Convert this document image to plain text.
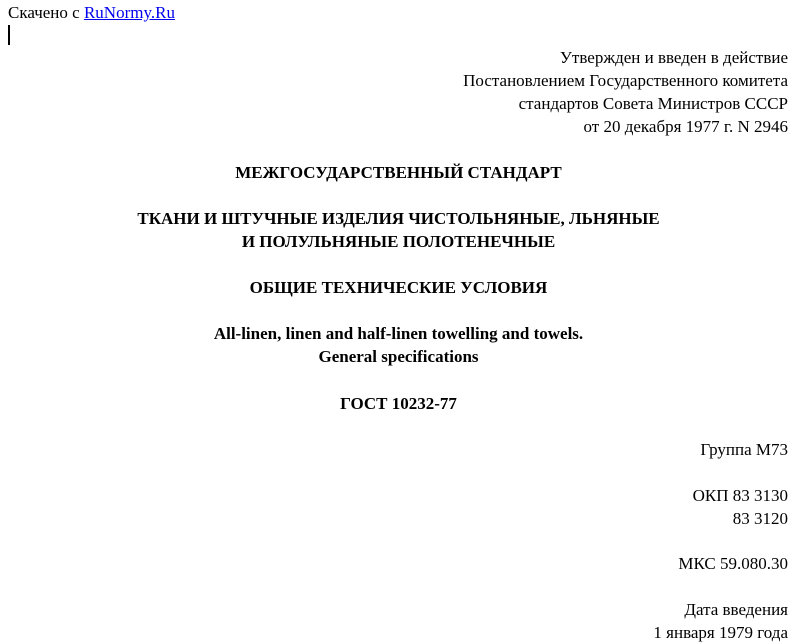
Скачено с RuNormy.Ru
Утвержден и введен в действие
Постановлением Государственного комитета
стандартов Совета Министров СССР
от 20 декабря 1977 г. N 2946
МЕЖГОСУДАРСТВЕННЫЙ СТАНДАРТ
ТКАНИ И ШТУЧНЫЕ ИЗДЕЛИЯ ЧИСТОЛЬНЯНЫЕ, ЛЬНЯНЫЕ
И ПОЛУЛЬНЯНЫЕ ПОЛОТЕНЕЧНЫЕ
ОБЩИЕ ТЕХНИЧЕСКИЕ УСЛОВИЯ
All-linen, linen and half-linen towelling and towels.
General specifications
ГОСТ 10232-77
Группа М73
ОКП 83 3130
83 3120
МКС 59.080.30
Дата введения
1 января 1979 года
